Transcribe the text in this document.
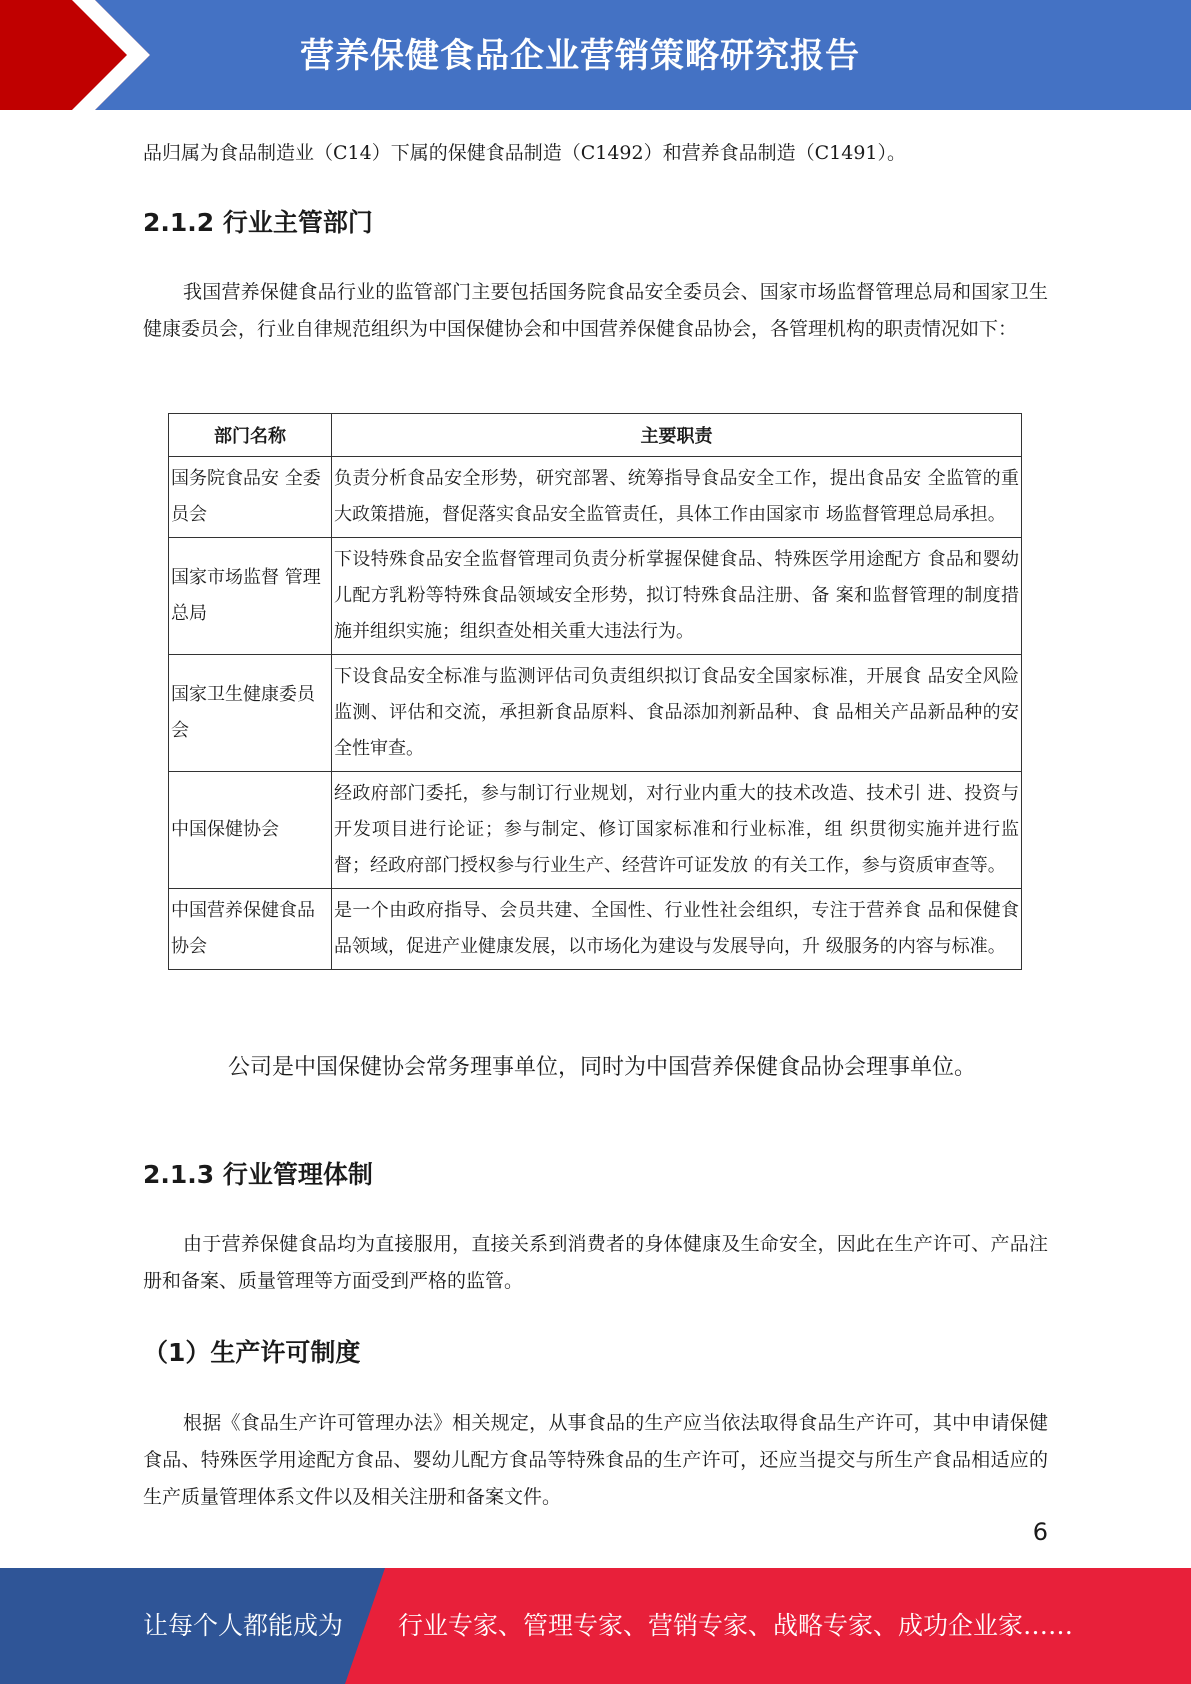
营养保健食品企业营销策略研究报告

品归属为食品制造业（C14）下属的保健食品制造（C1492）和营养食品制造（C1491）。

2.1.2 行业主管部门

我国营养保健食品行业的监管部门主要包括国务院食品安全委员会、国家市场监督管理总局和国家卫生健康委员会，行业自律规范组织为中国保健协会和中国营养保健食品协会，各管理机构的职责情况如下：

部门名称	主要职责
国务院食品安 全委员会	负责分析食品安全形势，研究部署、统筹指导食品安全工作，提出食品安 全监管的重大政策措施，督促落实食品安全监管责任，具体工作由国家市 场监督管理总局承担。
国家市场监督 管理总局	下设特殊食品安全监督管理司负责分析掌握保健食品、特殊医学用途配方 食品和婴幼儿配方乳粉等特殊食品领域安全形势，拟订特殊食品注册、备 案和监督管理的制度措施并组织实施；组织查处相关重大违法行为。
国家卫生健康委员会	下设食品安全标准与监测评估司负责组织拟订食品安全国家标准，开展食 品安全风险监测、评估和交流，承担新食品原料、食品添加剂新品种、食 品相关产品新品种的安全性审查。
中国保健协会	经政府部门委托，参与制订行业规划，对行业内重大的技术改造、技术引 进、投资与开发项目进行论证；参与制定、修订国家标准和行业标准，组 织贯彻实施并进行监督；经政府部门授权参与行业生产、经营许可证发放 的有关工作，参与资质审查等。
中国营养保健食品协会	是一个由政府指导、会员共建、全国性、行业性社会组织，专注于营养食 品和保健食品领域，促进产业健康发展，以市场化为建设与发展导向，升 级服务的内容与标准。

公司是中国保健协会常务理事单位，同时为中国营养保健食品协会理事单位。

2.1.3 行业管理体制

由于营养保健食品均为直接服用，直接关系到消费者的身体健康及生命安全，因此在生产许可、产品注册和备案、质量管理等方面受到严格的监管。

（1）生产许可制度

根据《食品生产许可管理办法》相关规定，从事食品的生产应当依法取得食品生产许可，其中申请保健食品、特殊医学用途配方食品、婴幼儿配方食品等特殊食品的生产许可，还应当提交与所生产食品相适应的生产质量管理体系文件以及相关注册和备案文件。

6
让每个人都能成为 行业专家、管理专家、营销专家、战略专家、成功企业家……
